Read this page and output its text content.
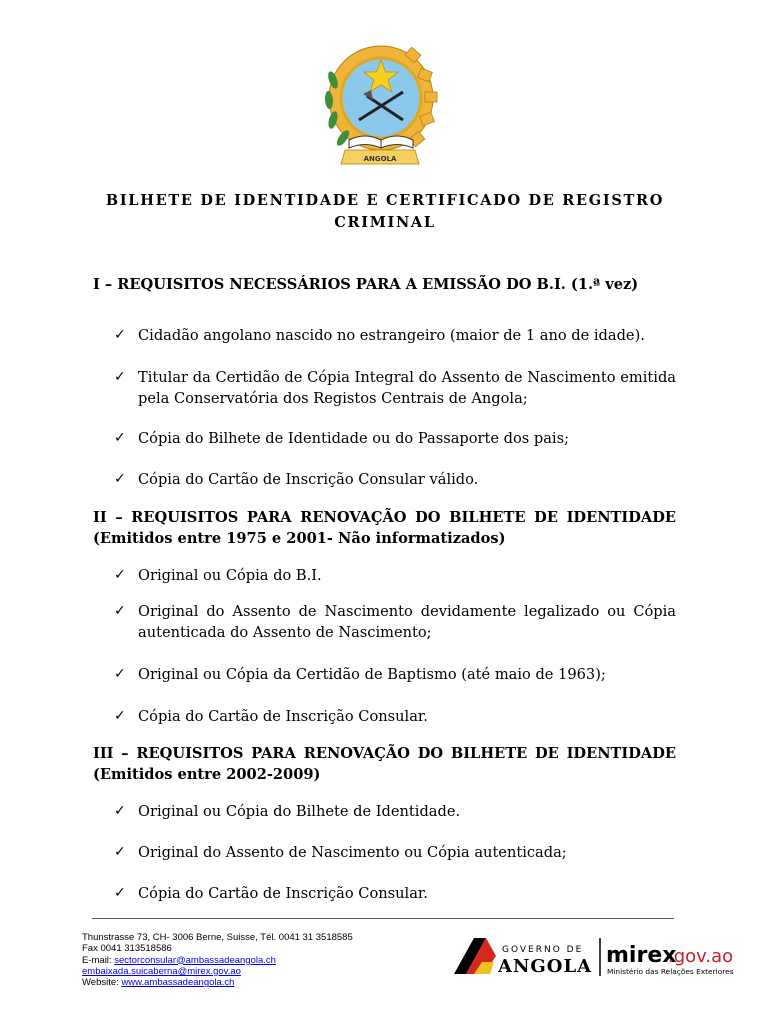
ANGOLA
BILHETE DE IDENTIDADE E CERTIFICADO DE REGISTRO
CRIMINAL
I – REQUISITOS NECESSÁRIOS PARA A EMISSÃO DO B.I. (1.ª vez)
✓ Cidadão angolano nascido no estrangeiro (maior de 1 ano de idade).
✓ Titular da Certidão de Cópia Integral do Assento de Nascimento emitida pela Conservatória dos Registos Centrais de Angola;
✓ Cópia do Bilhete de Identidade ou do Passaporte dos pais;
✓ Cópia do Cartão de Inscrição Consular válido.
II – REQUISITOS PARA RENOVAÇÃO DO BILHETE DE IDENTIDADE (Emitidos entre 1975 e 2001- Não informatizados)
✓ Original ou Cópia do B.I.
✓ Original do Assento de Nascimento devidamente legalizado ou Cópia autenticada do Assento de Nascimento;
✓ Original ou Cópia da Certidão de Baptismo (até maio de 1963);
✓ Cópia do Cartão de Inscrição Consular.
III – REQUISITOS PARA RENOVAÇÃO DO BILHETE DE IDENTIDADE (Emitidos entre 2002-2009)
✓ Original ou Cópia do Bilhete de Identidade.
✓ Original do Assento de Nascimento ou Cópia autenticada;
✓ Cópia do Cartão de Inscrição Consular.
Thunstrasse 73, CH- 3006 Berne, Suisse, Tél. 0041 31 3518585
Fax 0041 313518586
E-mail: sectorconsular@ambassadeangola.ch
embaixada.suicaberna@mirex.gov.ao
Website: www.ambassadeangola.ch
GOVERNO DE
ANGOLA mirex
.gov.ao
Ministério das Relações Exteriores
